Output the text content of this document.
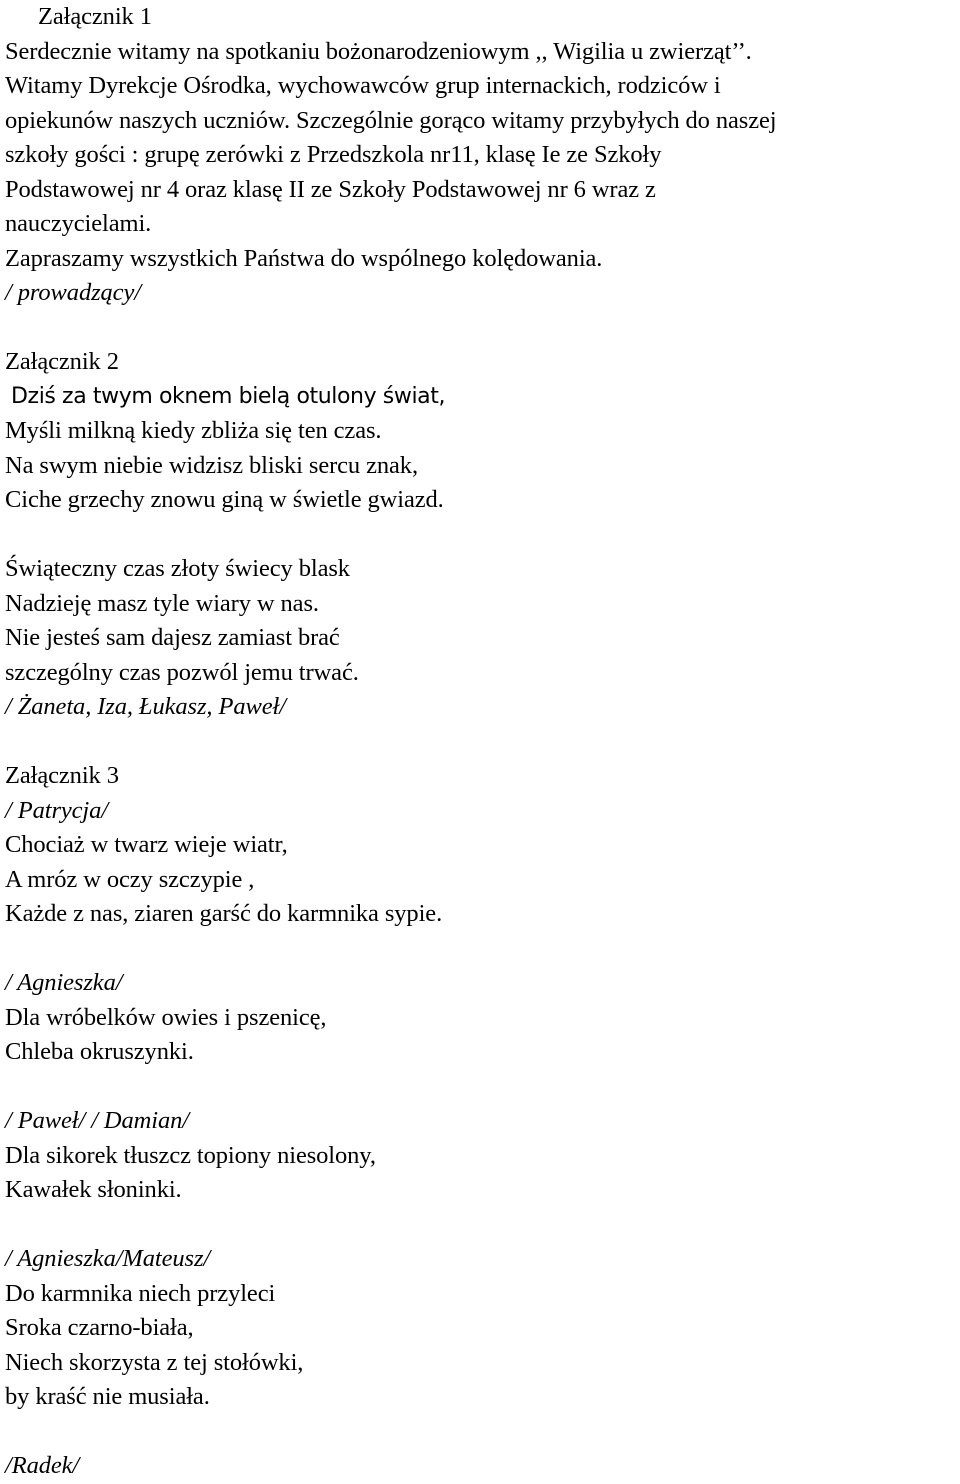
Załącznik 1
Serdecznie witamy na spotkaniu bożonarodzeniowym ,, Wigilia u zwierząt’’.
Witamy Dyrekcje Ośrodka, wychowawców grup internackich, rodziców i
opiekunów naszych uczniów. Szczególnie gorąco witamy przybyłych do naszej
szkoły gości : grupę zerówki z Przedszkola nr11, klasę Ie ze Szkoły
Podstawowej nr 4 oraz klasę II ze Szkoły Podstawowej nr 6 wraz z
nauczycielami.
Zapraszamy wszystkich Państwa do wspólnego kolędowania.
/ prowadzący/
Załącznik 2
Dziś za twym oknem bielą otulony świat,
Myśli milkną kiedy zbliża się ten czas.
Na swym niebie widzisz bliski sercu znak,
Ciche grzechy znowu giną w świetle gwiazd.
Świąteczny czas złoty świecy blask
Nadzieję masz tyle wiary w nas.
Nie jesteś sam dajesz zamiast brać
szczególny czas pozwól jemu trwać.
/ Żaneta, Iza, Łukasz, Paweł/
Załącznik 3
/ Patrycja/
Chociaż w twarz wieje wiatr,
A mróz w oczy szczypie ,
Każde z nas, ziaren garść do karmnika sypie.
/ Agnieszka/
Dla wróbelków owies i pszenicę,
Chleba okruszynki.
/ Paweł/ / Damian/
Dla sikorek tłuszcz topiony niesolony,
Kawałek słoninki.
/ Agnieszka/Mateusz/
Do karmnika niech przyleci
Sroka czarno-biała,
Niech skorzysta z tej stołówki,
by kraść nie musiała.
/Radek/
